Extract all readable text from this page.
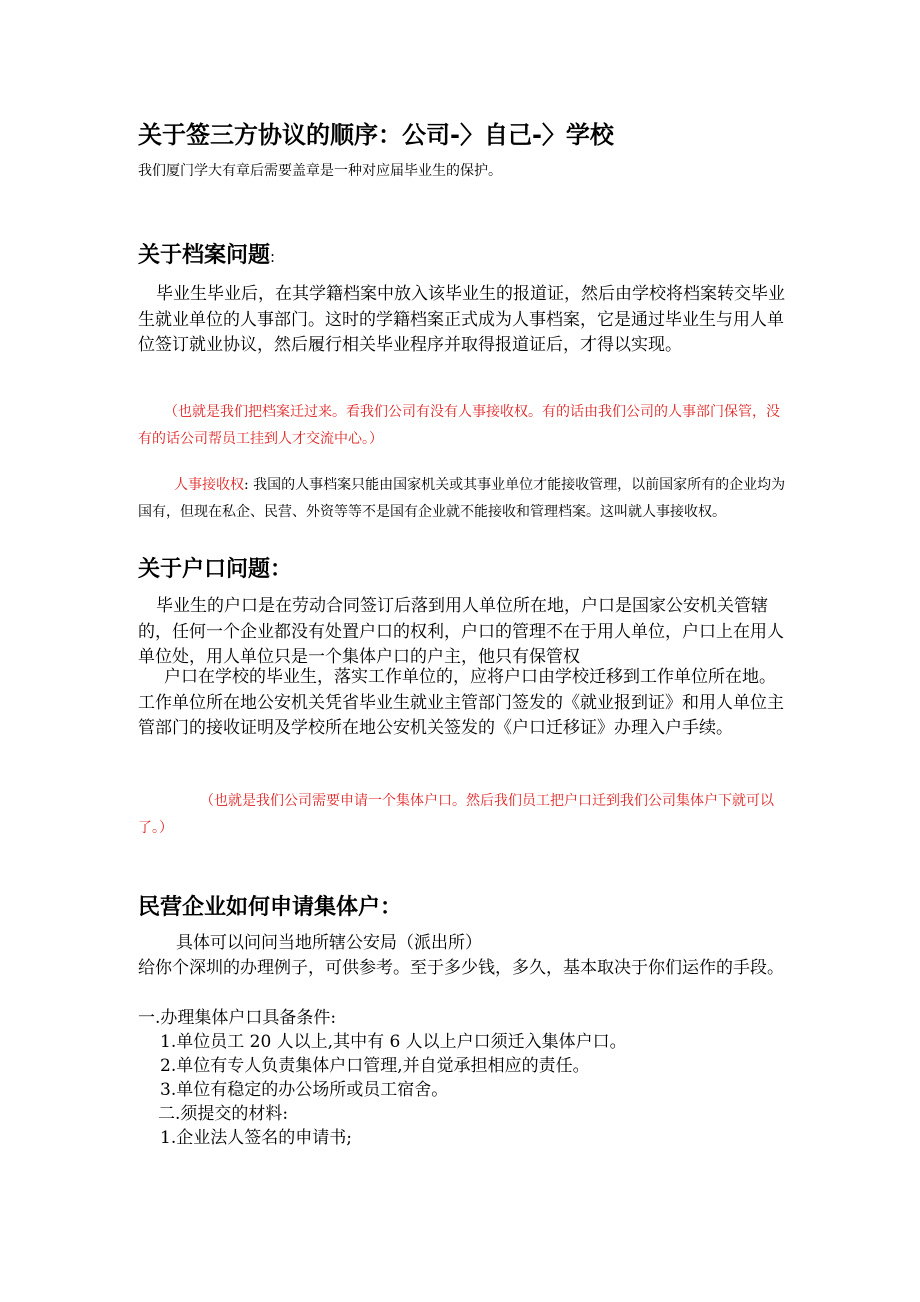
关于签三方协议的顺序：公司-〉自己-〉学校
我们厦门学大有章后需要盖章是一种对应届毕业生的保护。
关于档案问题:
毕业生毕业后，在其学籍档案中放入该毕业生的报道证，然后由学校将档案转交毕业生就业单位的人事部门。这时的学籍档案正式成为人事档案，它是通过毕业生与用人单位签订就业协议，然后履行相关毕业程序并取得报道证后，才得以实现。
（也就是我们把档案迁过来。看我们公司有没有人事接收权。有的话由我们公司的人事部门保管，没有的话公司帮员工挂到人才交流中心。）
人事接收权: 我国的人事档案只能由国家机关或其事业单位才能接收管理，以前国家所有的企业均为国有，但现在私企、民营、外资等等不是国有企业就不能接收和管理档案。这叫就人事接收权。
关于户口问题：
毕业生的户口是在劳动合同签订后落到用人单位所在地，户口是国家公安机关管辖的，任何一个企业都没有处置户口的权利，户口的管理不在于用人单位，户口上在用人单位处，用人单位只是一个集体户口的户主，他只有保管权
户口在学校的毕业生，落实工作单位的，应将户口由学校迁移到工作单位所在地。工作单位所在地公安机关凭省毕业生就业主管部门签发的《就业报到证》和用人单位主管部门的接收证明及学校所在地公安机关签发的《户口迁移证》办理入户手续。
（也就是我们公司需要申请一个集体户口。然后我们员工把户口迁到我们公司集体户下就可以了。）
民营企业如何申请集体户：
具体可以问问当地所辖公安局（派出所）
给你个深圳的办理例子，可供参考。至于多少钱，多久，基本取决于你们运作的手段。
一.办理集体户口具备条件:
1.单位员工 20 人以上,其中有 6 人以上户口须迁入集体户口。
2.单位有专人负责集体户口管理,并自觉承担相应的责任。
3.单位有稳定的办公场所或员工宿舍。
二.须提交的材料:
1.企业法人签名的申请书;
